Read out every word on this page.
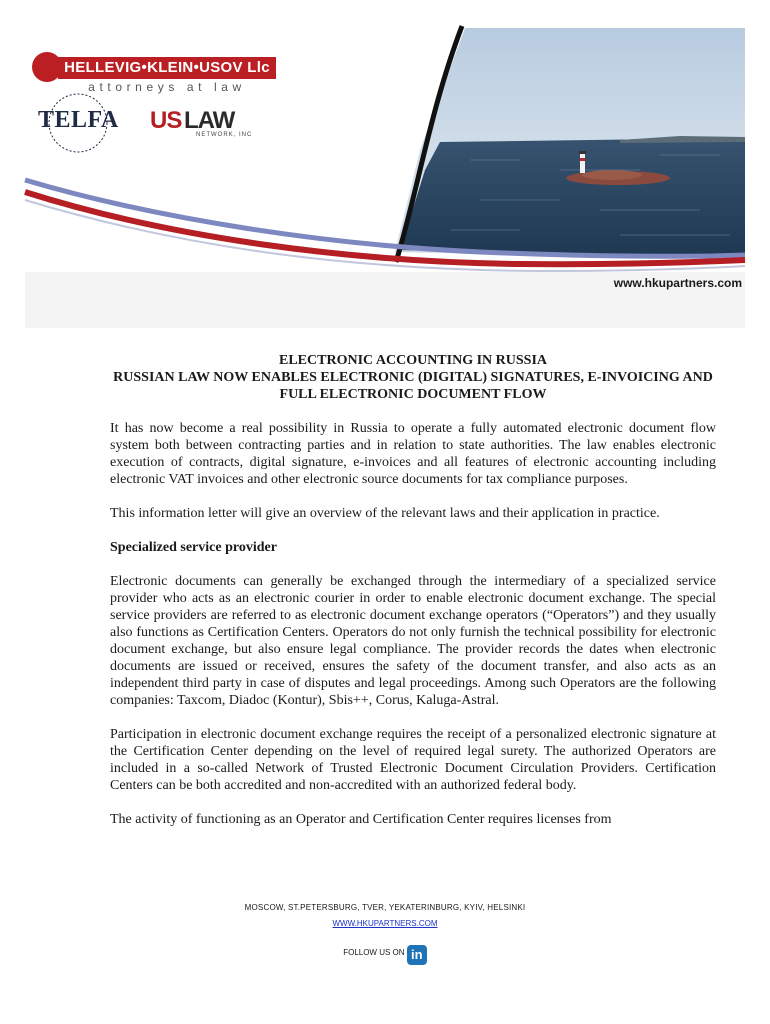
HELLEVIG•KLEIN•USOV Llc
attorneys at law
TELFA US LAW
NETWORK, INC
www.hkupartners.com
ELECTRONIC ACCOUNTING IN RUSSIA
RUSSIAN LAW NOW ENABLES ELECTRONIC (DIGITAL) SIGNATURES, E-INVOICING AND FULL ELECTRONIC DOCUMENT FLOW

It has now become a real possibility in Russia to operate a fully automated electronic document flow system both between contracting parties and in relation to state authorities. The law enables electronic execution of contracts, digital signature, e-invoices and all features of electronic accounting including electronic VAT invoices and other electronic source documents for tax compliance purposes.

This information letter will give an overview of the relevant laws and their application in practice.

Specialized service provider

Electronic documents can generally be exchanged through the intermediary of a specialized service provider who acts as an electronic courier in order to enable electronic document exchange. The special service providers are referred to as electronic document exchange operators (“Operators”) and they usually also functions as Certification Centers. Operators do not only furnish the technical possibility for electronic document exchange, but also ensure legal compliance. The provider records the dates when electronic documents are issued or received, ensures the safety of the document transfer, and also acts as an independent third party in case of disputes and legal proceedings. Among such Operators are the following companies: Taxcom, Diadoc (Kontur), Sbis++, Corus, Kaluga-Astral.

Participation in electronic document exchange requires the receipt of a personalized electronic signature at the Certification Center depending on the level of required legal surety. The authorized Operators are included in a so-called Network of Trusted Electronic Document Circulation Providers. Certification Centers can be both accredited and non-accredited with an authorized federal body.

The activity of functioning as an Operator and Certification Center requires licenses from

MOSCOW, ST.PETERSBURG, TVER, YEKATERINBURG, KYIV, HELSINKI
WWW.HKUPARTNERS.COM
FOLLOW US ON in
